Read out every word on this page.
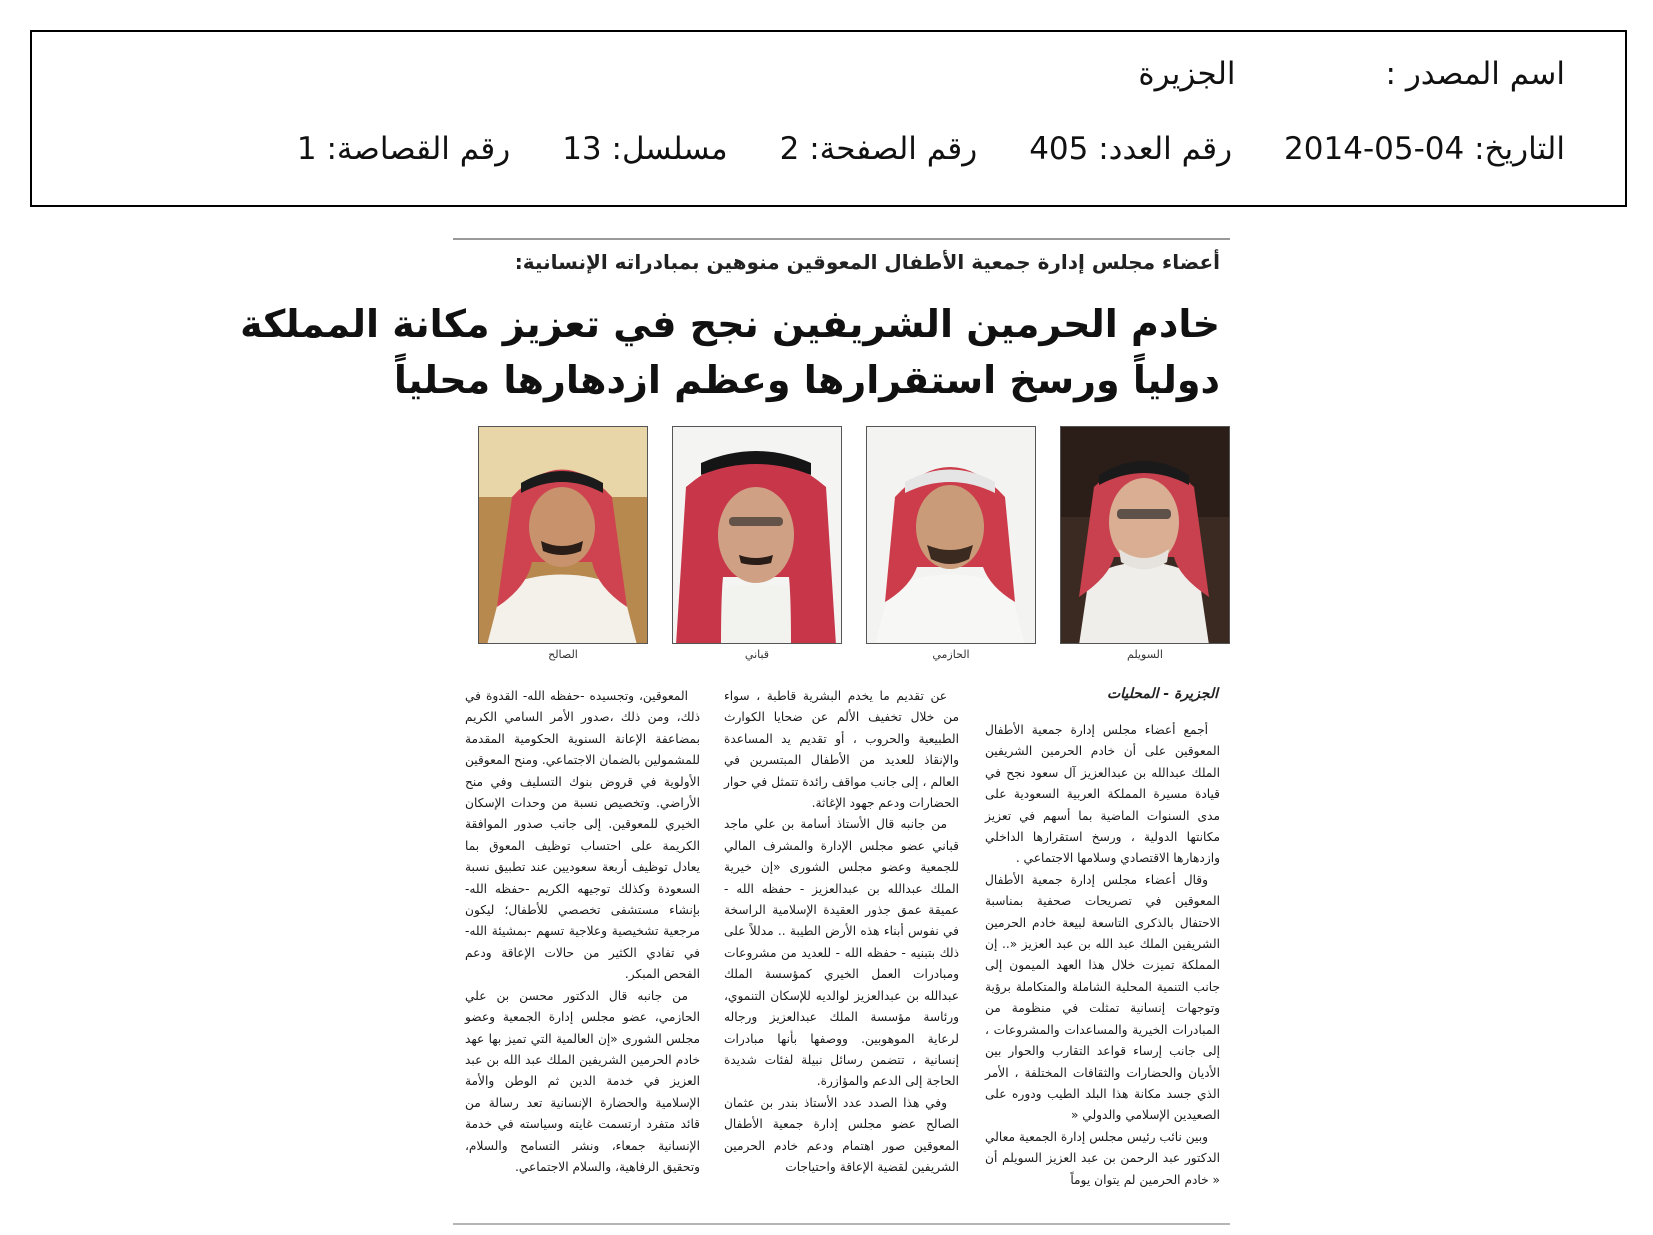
اسم المصدر :الجزيرة
التاريخ: 2014-05-04رقم العدد: 405رقم الصفحة: 2مسلسل: 13رقم القصاصة: 1
أعضاء مجلس إدارة جمعية الأطفال المعوقين منوهين بمبادراته الإنسانية:
خادم الحرمين الشريفين نجح في تعزيز مكانة المملكة
دولياً ورسخ استقرارها وعظم ازدهارها محلياً
السويلم
الحازمي
قباني
الصالح
الجزيرة - المحليات

أجمع أعضاء مجلس إدارة جمعية الأطفال المعوقين على أن خادم الحرمين الشريفين الملك عبدالله بن عبدالعزيز آل سعود نجح في قيادة مسيرة المملكة العربية السعودية على مدى السنوات الماضية بما أسهم في تعزيز مكانتها الدولية ، ورسخ استقرارها الداخلي وازدهارها الاقتصادي وسلامها الاجتماعي .

وقال أعضاء مجلس إدارة جمعية الأطفال المعوقين في تصريحات صحفية بمناسبة الاحتفال بالذكرى التاسعة لبيعة خادم الحرمين الشريفين الملك عبد الله بن عبد العزيز «.. إن المملكة تميزت خلال هذا العهد الميمون إلى جانب التنمية المحلية الشاملة والمتكاملة برؤية وتوجهات إنسانية تمثلت في منظومة من المبادرات الخيرية والمساعدات والمشروعات ، إلى جانب إرساء قواعد التقارب والحوار بين الأديان والحضارات والثقافات المختلفة ، الأمر الذي جسد مكانة هذا البلد الطيب ودوره على الصعيدين الإسلامي والدولي «

وبين نائب رئيس مجلس إدارة الجمعية معالي الدكتور عبد الرحمن بن عبد العزيز السويلم أن « خادم الحرمين لم يتوان يوماً

عن تقديم ما يخدم البشرية قاطبة ، سواء من خلال تخفيف الألم عن ضحايا الكوارث الطبيعية والحروب ، أو تقديم يد المساعدة والإنقاذ للعديد من الأطفال المبتسرين في العالم ، إلى جانب مواقف رائدة تتمثل في حوار الحضارات ودعم جهود الإغاثة.

من جانبه قال الأستاذ أسامة بن علي ماجد قباني عضو مجلس الإدارة والمشرف المالي للجمعية وعضو مجلس الشورى «إن خيرية الملك عبدالله بن عبدالعزيز - حفظه الله - عميقة عمق جذور العقيدة الإسلامية الراسخة في نفوس أبناء هذه الأرض الطيبة .. مدللاً على ذلك بتبنيه - حفظه الله - للعديد من مشروعات ومبادرات العمل الخيري كمؤسسة الملك عبدالله بن عبدالعزيز لوالديه للإسكان التنموي، ورئاسة مؤسسة الملك عبدالعزيز ورجاله لرعاية الموهوبين. ووصفها بأنها مبادرات إنسانية ، تتضمن رسائل نبيلة لفئات شديدة الحاجة إلى الدعم والمؤازرة.

وفي هذا الصدد عدد الأستاذ بندر بن عثمان الصالح عضو مجلس إدارة جمعية الأطفال المعوقين صور اهتمام ودعم خادم الحرمين الشريفين لقضية الإعاقة واحتياجات

المعوقين، وتجسيده -حفظه الله- القدوة في ذلك، ومن ذلك ،صدور الأمر السامي الكريم بمضاعفة الإعانة السنوية الحكومية المقدمة للمشمولين بالضمان الاجتماعي. ومنح المعوقين الأولوية في قروض بنوك التسليف وفي منح الأراضي. وتخصيص نسبة من وحدات الإسكان الخيري للمعوقين. إلى جانب صدور الموافقة الكريمة على احتساب توظيف المعوق بما يعادل توظيف أربعة سعوديين عند تطبيق نسبة السعودة وكذلك توجيهه الكريم -حفظه الله- بإنشاء مستشفى تخصصي للأطفال؛ ليكون مرجعية تشخيصية وعلاجية تسهم -بمشيئة الله- في تفادي الكثير من حالات الإعاقة ودعم الفحص المبكر.

من جانبه قال الدكتور محسن بن علي الحازمي، عضو مجلس إدارة الجمعية وعضو مجلس الشورى «إن العالمية التي تميز بها عهد خادم الحرمين الشريفين الملك عبد الله بن عبد العزيز في خدمة الدين ثم الوطن والأمة الإسلامية والحضارة الإنسانية تعد رسالة من قائد متفرد ارتسمت غايته وسياسته في خدمة الإنسانية جمعاء، ونشر التسامح والسلام، وتحقيق الرفاهية، والسلام الاجتماعي.
